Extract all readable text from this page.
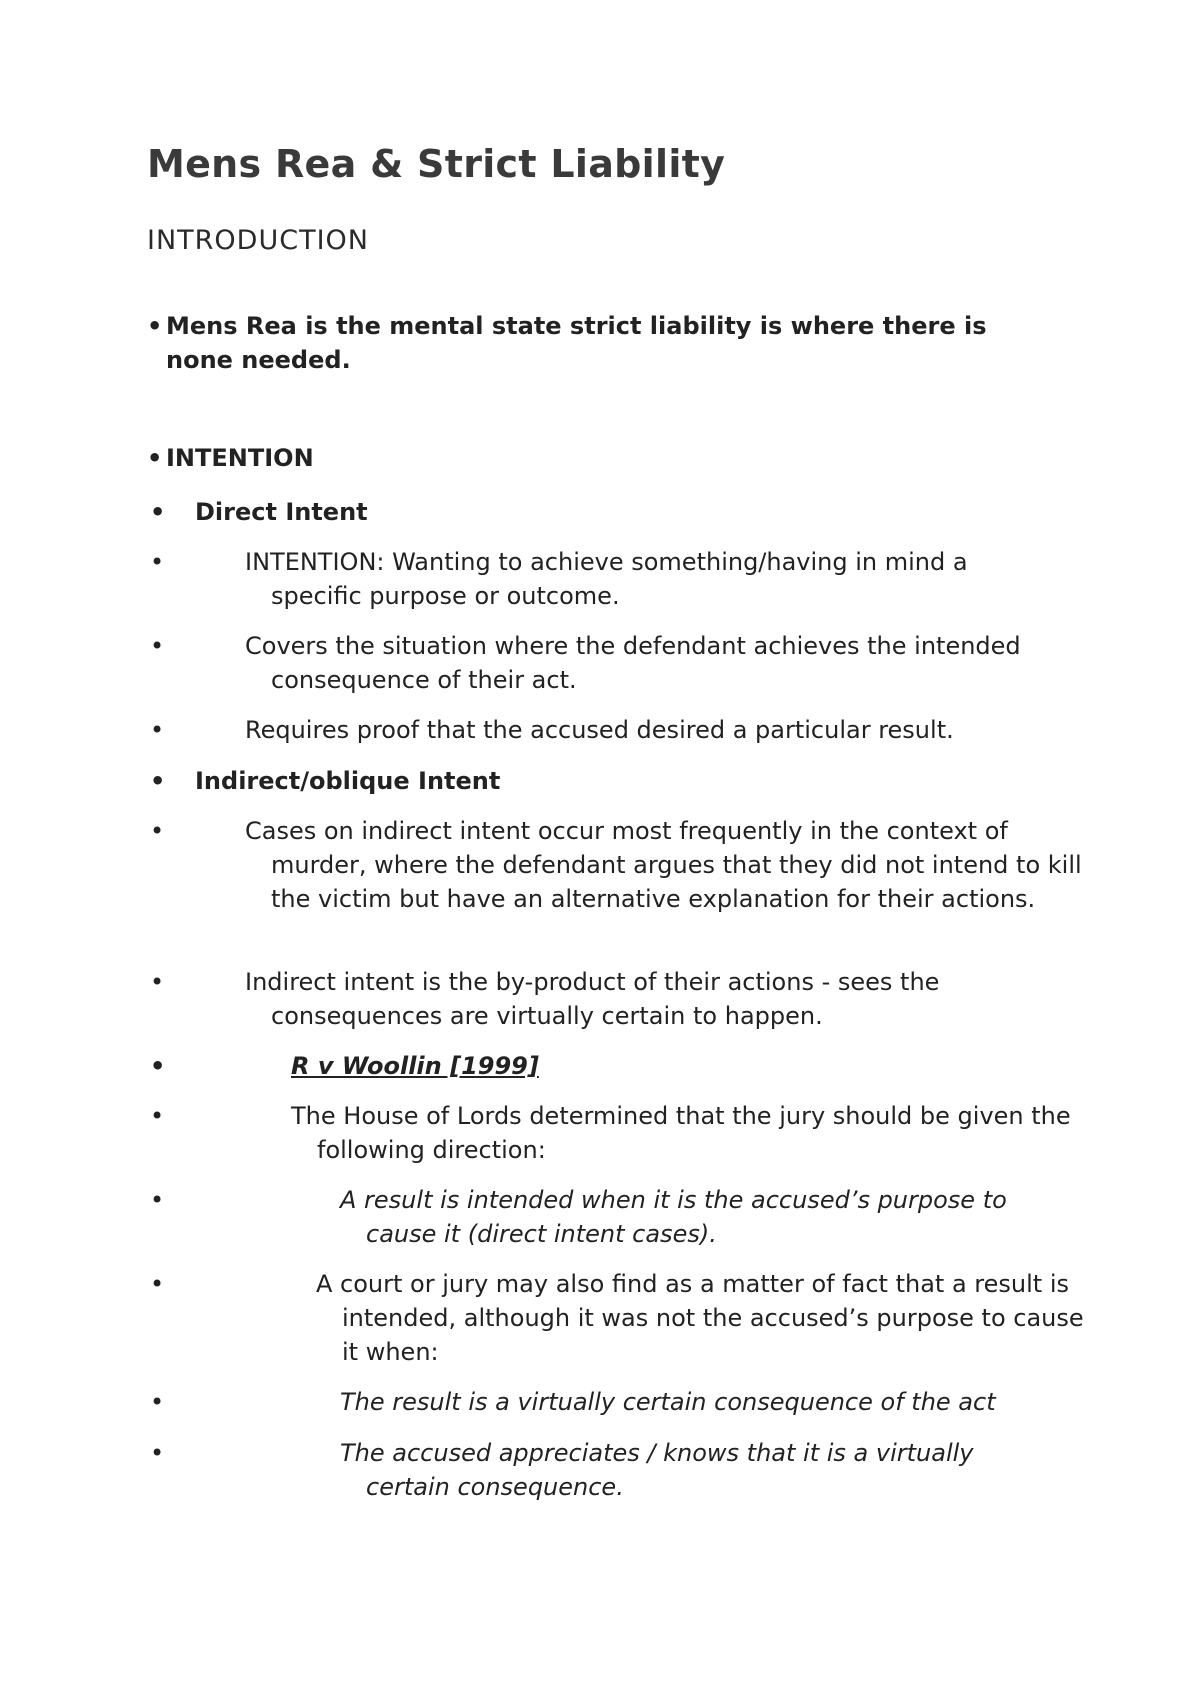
Mens Rea & Strict Liability
INTRODUCTION
• Mens Rea is the mental state strict liability is where there is none needed.
• INTENTION
• Direct Intent
•	INTENTION: Wanting to achieve something/having in mind a specific purpose or outcome.
•	Covers the situation where the defendant achieves the intended consequence of their act.
•	Requires proof that the accused desired a particular result.
• Indirect/oblique Intent
•	Cases on indirect intent occur most frequently in the context of murder, where the defendant argues that they did not intend to kill the victim but have an alternative explanation for their actions.
•	Indirect intent is the by-product of their actions - sees the consequences are virtually certain to happen.
•	R v Woollin [1999]
•	The House of Lords determined that the jury should be given the following direction:
•	A result is intended when it is the accused’s purpose to cause it (direct intent cases).
•	A court or jury may also find as a matter of fact that a result is intended, although it was not the accused’s purpose to cause it when:
•	The result is a virtually certain consequence of the act
•	The accused appreciates / knows that it is a virtually certain consequence.
